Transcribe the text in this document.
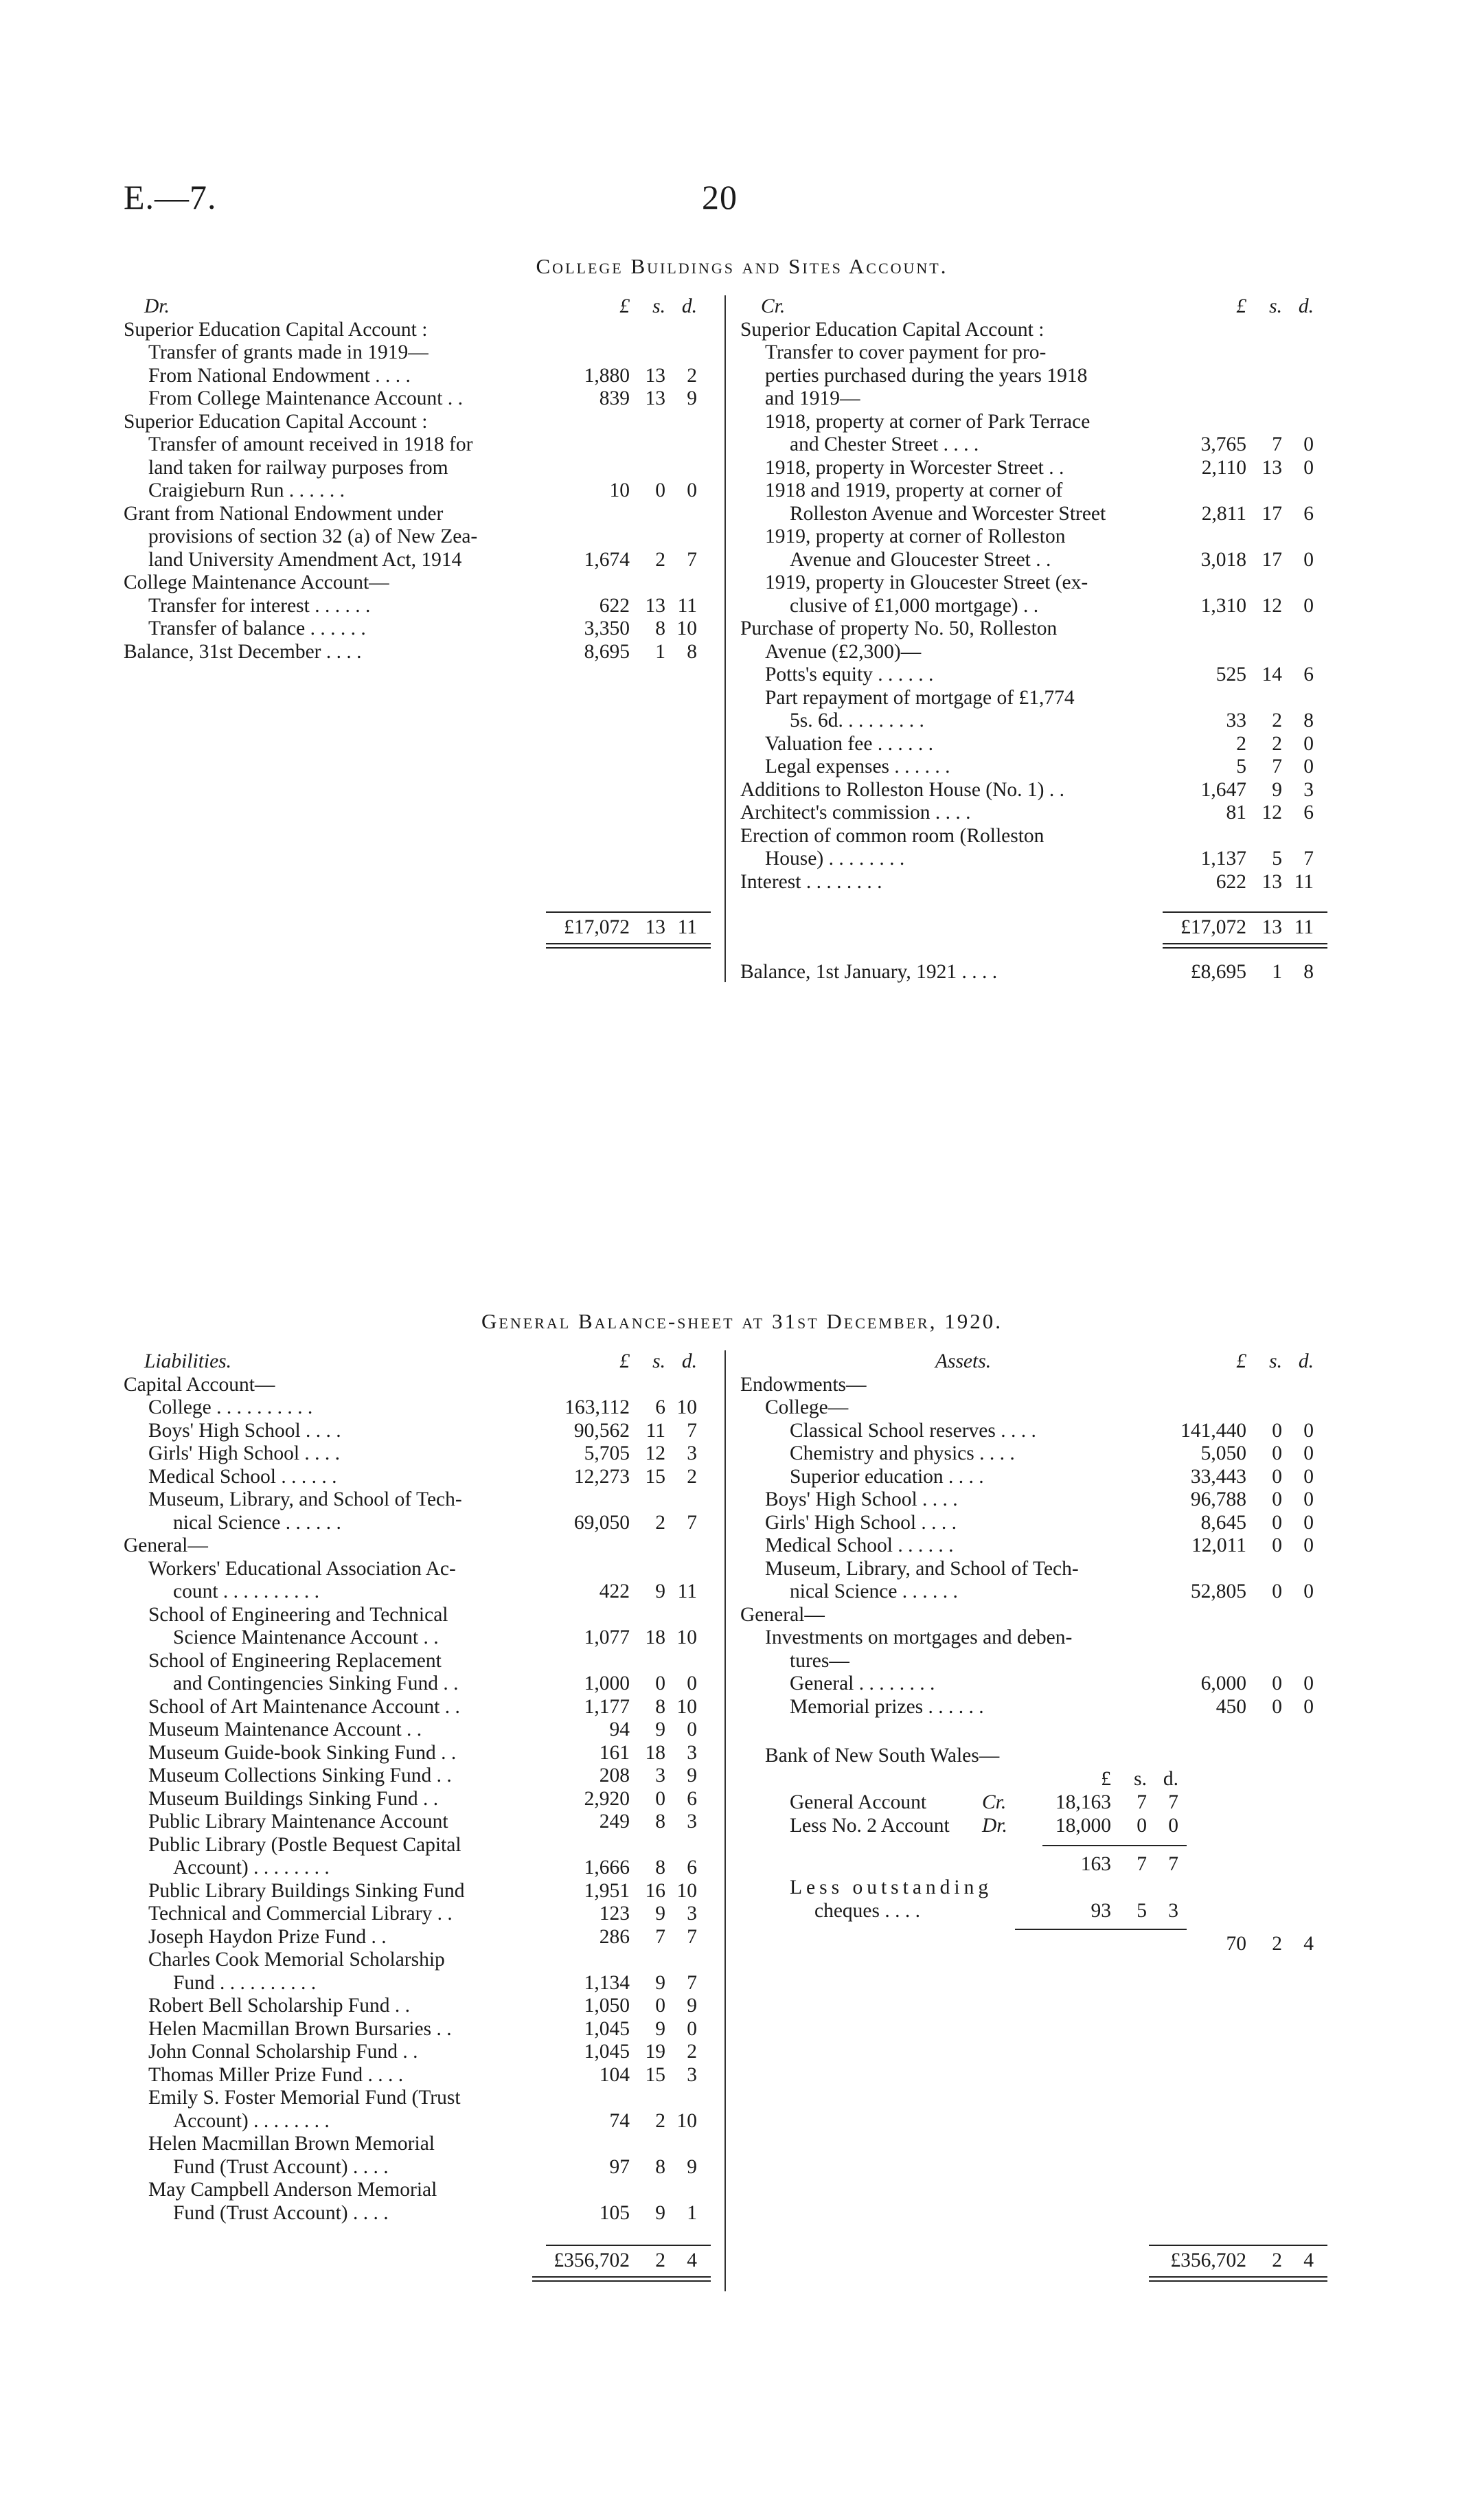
E.—7.	20
College Buildings and Sites Account.
Dr.	£	s. d.
Superior Education Capital Account :
Transfer of grants made in 1919—
From National Endowment . . . .	1,880 13	2
From College Maintenance Account . .	839 13	9
Superior Education Capital Account :
Transfer of amount received in 1918 for
land taken for railway purposes from
Craigieburn Run . . . . . .	10	0	0
Grant from National Endowment under
provisions of section 32 (a) of New Zea-
land University Amendment Act, 1914	1,674	2	7
College Maintenance Account—
Transfer for interest . . . . . .	622 13 11
Transfer of balance . . . . . .	3,350	8 10
Balance, 31st December . . . .	8,695	1	8
Cr.	£	s. d.
Superior Education Capital Account :
Transfer to cover payment for pro-
perties purchased during the years 1918
and 1919—
1918, property at corner of Park Terrace
and Chester Street . . . .	3,765	7	0
1918, property in Worcester Street . .	2,110 13	0
1918 and 1919, property at corner of
Rolleston Avenue and Worcester Street	2,811 17	6
1919, property at corner of Rolleston
Avenue and Gloucester Street . .	3,018 17	0
1919, property in Gloucester Street (ex-
clusive of £1,000 mortgage) . .	1,310 12	0
Purchase of property No. 50, Rolleston
Avenue (£2,300)—
Potts's equity . . . . . .	525 14	6
Part repayment of mortgage of £1,774
5s. 6d. . . . . . . . .	33	2	8
Valuation fee . . . . . .	2	2	0
Legal expenses . . . . . .	5	7	0
Additions to Rolleston House (No. 1) . .	1,647	9	3
Architect's commission . . . .	81 12	6
Erection of common room (Rolleston
House) . . . . . . . .	1,137	5	7
Interest . . . . . . . .	622 13 11
£17,072 13 11	£17,072 13 11
Balance, 1st January, 1921 . . . .	£8,695	1	8
General Balance-sheet at 31st December, 1920.
Liabilities.	£	s. d.
Capital Account—
College . . . . . . . . . .	163,112	6 10
Boys' High School . . . .	90,562 11	7
Girls' High School . . . .	5,705 12	3
Medical School . . . . . .	12,273 15	2
Museum, Library, and School of Tech-
nical Science . . . . . .	69,050	2	7
General—
Workers' Educational Association Ac-
count . . . . . . . . . .	422	9 11
School of Engineering and Technical
Science Maintenance Account . .	1,077 18 10
School of Engineering Replacement
and Contingencies Sinking Fund . .	1,000	0	0
School of Art Maintenance Account . .	1,177	8 10
Museum Maintenance Account . .	94	9	0
Museum Guide-book Sinking Fund . .	161 18	3
Museum Collections Sinking Fund . .	208	3	9
Museum Buildings Sinking Fund . .	2,920	0	6
Public Library Maintenance Account	249	8	3
Public Library (Postle Bequest Capital
Account) . . . . . . . .	1,666	8	6
Public Library Buildings Sinking Fund	1,951 16 10
Technical and Commercial Library . .	123	9	3
Joseph Haydon Prize Fund . .	286	7	7
Charles Cook Memorial Scholarship
Fund . . . . . . . . . .	1,134	9	7
Robert Bell Scholarship Fund . .	1,050	0	9
Helen Macmillan Brown Bursaries . .	1,045	9	0
John Connal Scholarship Fund . .	1,045 19	2
Thomas Miller Prize Fund . . . .	104 15	3
Emily S. Foster Memorial Fund (Trust
Account) . . . . . . . .	74	2 10
Helen Macmillan Brown Memorial
Fund (Trust Account) . . . .	97	8	9
May Campbell Anderson Memorial
Fund (Trust Account) . . . .	105	9	1
Assets.	£	s. d.
Endowments—
College—
Classical School reserves . . . .	141,440	0	0
Chemistry and physics . . . .	5,050	0	0
Superior education . . . .	33,443	0	0
Boys' High School . . . .	96,788	0	0
Girls' High School . . . .	8,645	0	0
Medical School . . . . . .	12,011	0	0
Museum, Library, and School of Tech-
nical Science . . . . . .	52,805	0	0
General—
Investments on mortgages and deben-
tures—
General . . . . . . . .	6,000	0	0
Memorial prizes . . . . . .	450	0	0
Bank of New South Wales—
£	s. d.
General Account	Cr.	18,163	7	7
Less No. 2 Account Dr.	18,000	0	0
163	7	7
Less outstanding
cheques . . . .	93	5	3
70	2	4
£356,702	2	4	£356,702	2	4
